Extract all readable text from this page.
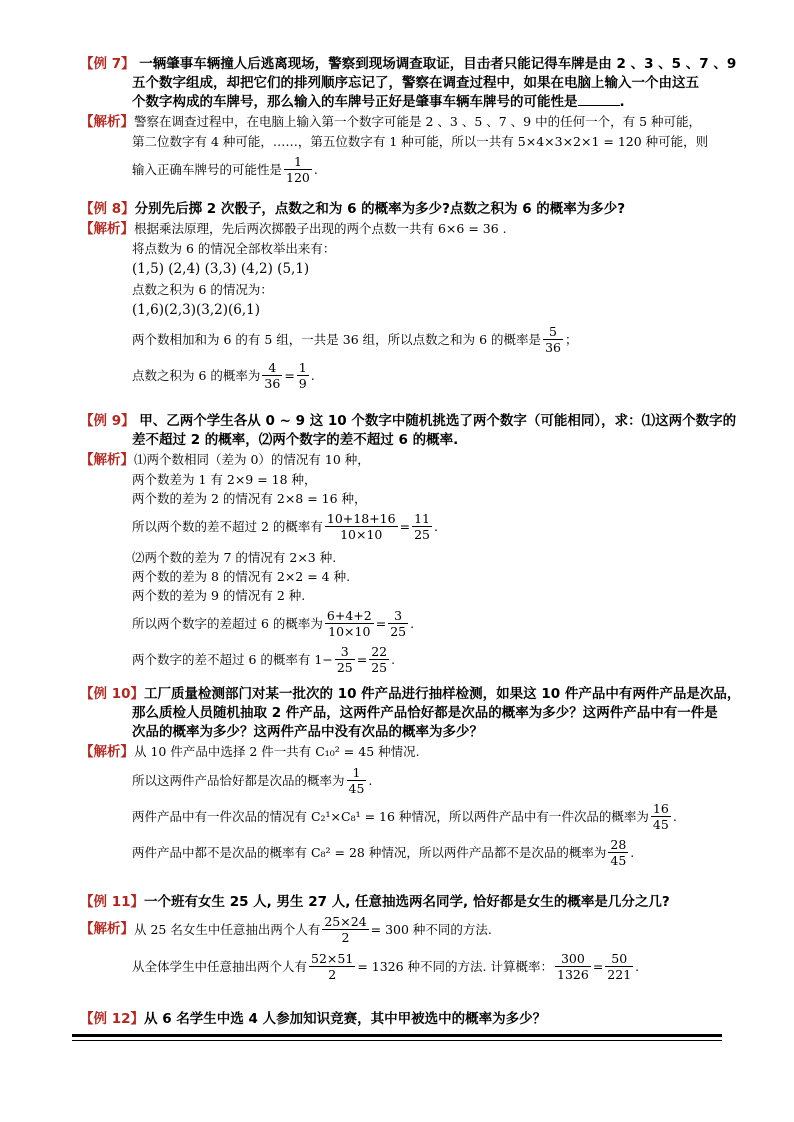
【例 7】 一辆肇事车辆撞人后逃离现场，警察到现场调查取证，目击者只能记得车牌是由 2 、3 、5 、7 、9
五个数字组成，却把它们的排列顺序忘记了，警察在调查过程中，如果在电脑上输入一个由这五
个数字构成的车牌号，那么输入的车牌号正好是肇事车辆车牌号的可能性是	.
【解析】警察在调查过程中，在电脑上输入第一个数字可能是 2 、3 、5 、7 、9 中的任何一个，有 5 种可能，
第二位数字有 4 种可能，……，第五位数字有 1 种可能，所以一共有 5×4×3×2×1 = 120 种可能，则
输入正确车牌号的可能性是 $\frac{1}{120}$ .
【例 8】分别先后掷 2 次骰子，点数之和为 6 的概率为多少?点数之积为 6 的概率为多少?
【解析】根据乘法原理，先后两次掷骰子出现的两个点数一共有 6×6 = 36 .
将点数为 6 的情况全部枚举出来有：
(1,5) (2,4) (3,3) (4,2) (5,1)
点数之积为 6 的情况为：
(1,6)(2,3)(3,2)(6,1)
两个数相加和为 6 的有 5 组，一共是 36 组，所以点数之和为 6 的概率是 $\frac{5}{36}$ ；
点数之积为 6 的概率为 $\frac{4}{36} = \frac{1}{9}$ .
【例 9】 甲、乙两个学生各从 0 ~ 9 这 10 个数字中随机挑选了两个数字（可能相同），求：⑴这两个数字的
差不超过 2 的概率，⑵两个数字的差不超过 6 的概率.
【解析】⑴两个数相同（差为 0）的情况有 10 种，
两个数差为 1 有 2×9 = 18 种，
两个数的差为 2 的情况有 2×8 = 16 种，
所以两个数的差不超过 2 的概率有 $\frac{10+18+16}{10\times 10} = \frac{11}{25}$ .
⑵两个数的差为 7 的情况有 2×3 种.
两个数的差为 8 的情况有 2×2 = 4 种.
两个数的差为 9 的情况有 2 种.
所以两个数字的差超过 6 的概率为 $\frac{6+4+2}{10\times 10} = \frac{3}{25}$ .
两个数字的差不超过 6 的概率有 $1- \frac{3}{25} = \frac{22}{25}$ .
【例 10】工厂质量检测部门对某一批次的 10 件产品进行抽样检测，如果这 10 件产品中有两件产品是次品，
那么质检人员随机抽取 2 件产品，这两件产品恰好都是次品的概率为多少？这两件产品中有一件是
次品的概率为多少？这两件产品中没有次品的概率为多少？
【解析】从 10 件产品中选择 2 件一共有 C₁₀² = 45 种情况.
所以这两件产品恰好都是次品的概率为 $\frac{1}{45}$ .
两件产品中有一件次品的情况有 C₂¹×C₈¹ = 16 种情况，所以两件产品中有一件次品的概率为 $\frac{16}{45}$ .
两件产品中都不是次品的概率有 C₈² = 28 种情况，所以两件产品都不是次品的概率为 $\frac{28}{45}$ .
【例 11】一个班有女生 25 人, 男生 27 人, 任意抽选两名同学, 恰好都是女生的概率是几分之几?
【解析】 从 25 名女生中任意抽出两个人有 $\frac{25\times 24}{2} = 300$ 种不同的方法.
从全体学生中任意抽出两个人有 $\frac{52\times 51}{2} = 1326$ 种不同的方法. 计算概率： $\frac{300}{1326} = \frac{50}{221}$ .
【例 12】从 6 名学生中选 4 人参加知识竞赛，其中甲被选中的概率为多少？
